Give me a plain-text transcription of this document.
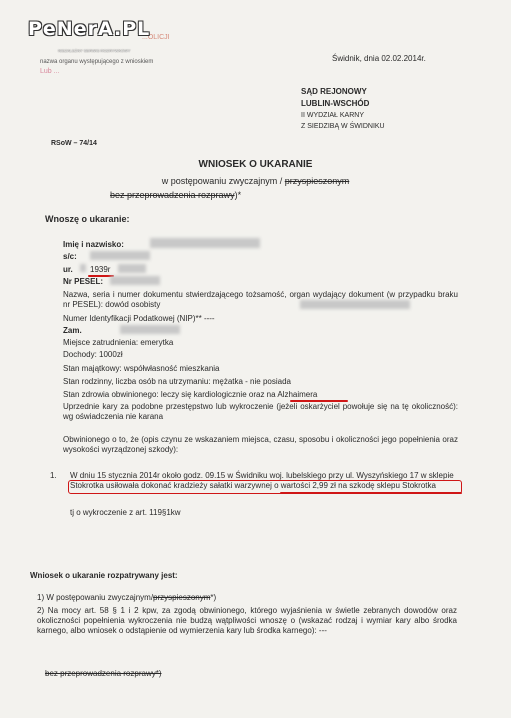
...OLICJI
PeNerA.PL
NIEZALEŻNY SERWIS ROZRYWKOWY
nazwa organu występującego z wnioskiem
Lub ...
Świdnik, dnia 02.02.2014r.
SĄD REJONOWY
LUBLIN-WSCHÓD
II WYDZIAŁ KARNY
Z SIEDZIBĄ W ŚWIDNIKU
RSoW – 74/14
WNIOSEK O UKARANIE
w postępowaniu zwyczajnym / przyspieszonym
bez przeprowadzenia rozprawy)*
Wnoszę o ukaranie:
Imię i nazwisko:
s/c:
ur. 1939r
Nr PESEL:
Nazwa, seria i numer dokumentu stwierdzającego tożsamość, organ wydający dokument (w przypadku braku nr PESEL): dowód osobisty
Numer Identyfikacji Podatkowej (NIP)** ----
Zam.
Miejsce zatrudnienia: emerytka
Dochody: 1000zł
Stan majątkowy: współwłasność mieszkania
Stan rodzinny, liczba osób na utrzymaniu: mężatka - nie posiada
Stan zdrowia obwinionego: leczy się kardiologicznie oraz na Alzhaimera
Uprzednie kary za podobne przestępstwo lub wykroczenie (jeżeli oskarżyciel powołuje się na tę okoliczność): wg oświadczenia nie karana
Obwinionego o to, że (opis czynu ze wskazaniem miejsca, czasu, sposobu i okoliczności jego popełnienia oraz wysokości wyrządzonej szkody):
1. W dniu 15 stycznia 2014r około godz. 09.15 w Świdniku woj. lubelskiego przy ul. Wyszyńskiego 17 w sklepie Stokrotka usiłowała dokonać kradzieży sałatki warzywnej o wartości 2,99 zł na szkodę sklepu Stokrotka
tj o wykroczenie z art. 119§1kw
Wniosek o ukaranie rozpatrywany jest:
1) W postępowaniu zwyczajnym/przyspieszonym*)
2) Na mocy art. 58 § 1 i 2 kpw, za zgodą obwinionego, którego wyjaśnienia w świetle zebranych dowodów oraz okoliczności popełnienia wykroczenia nie budzą wątpliwości wnoszę o (wskazać rodzaj i wymiar kary albo środka karnego, albo wniosek o odstąpienie od wymierzenia kary lub środka karnego): ---
bez przeprowadzenia rozprawy*)
